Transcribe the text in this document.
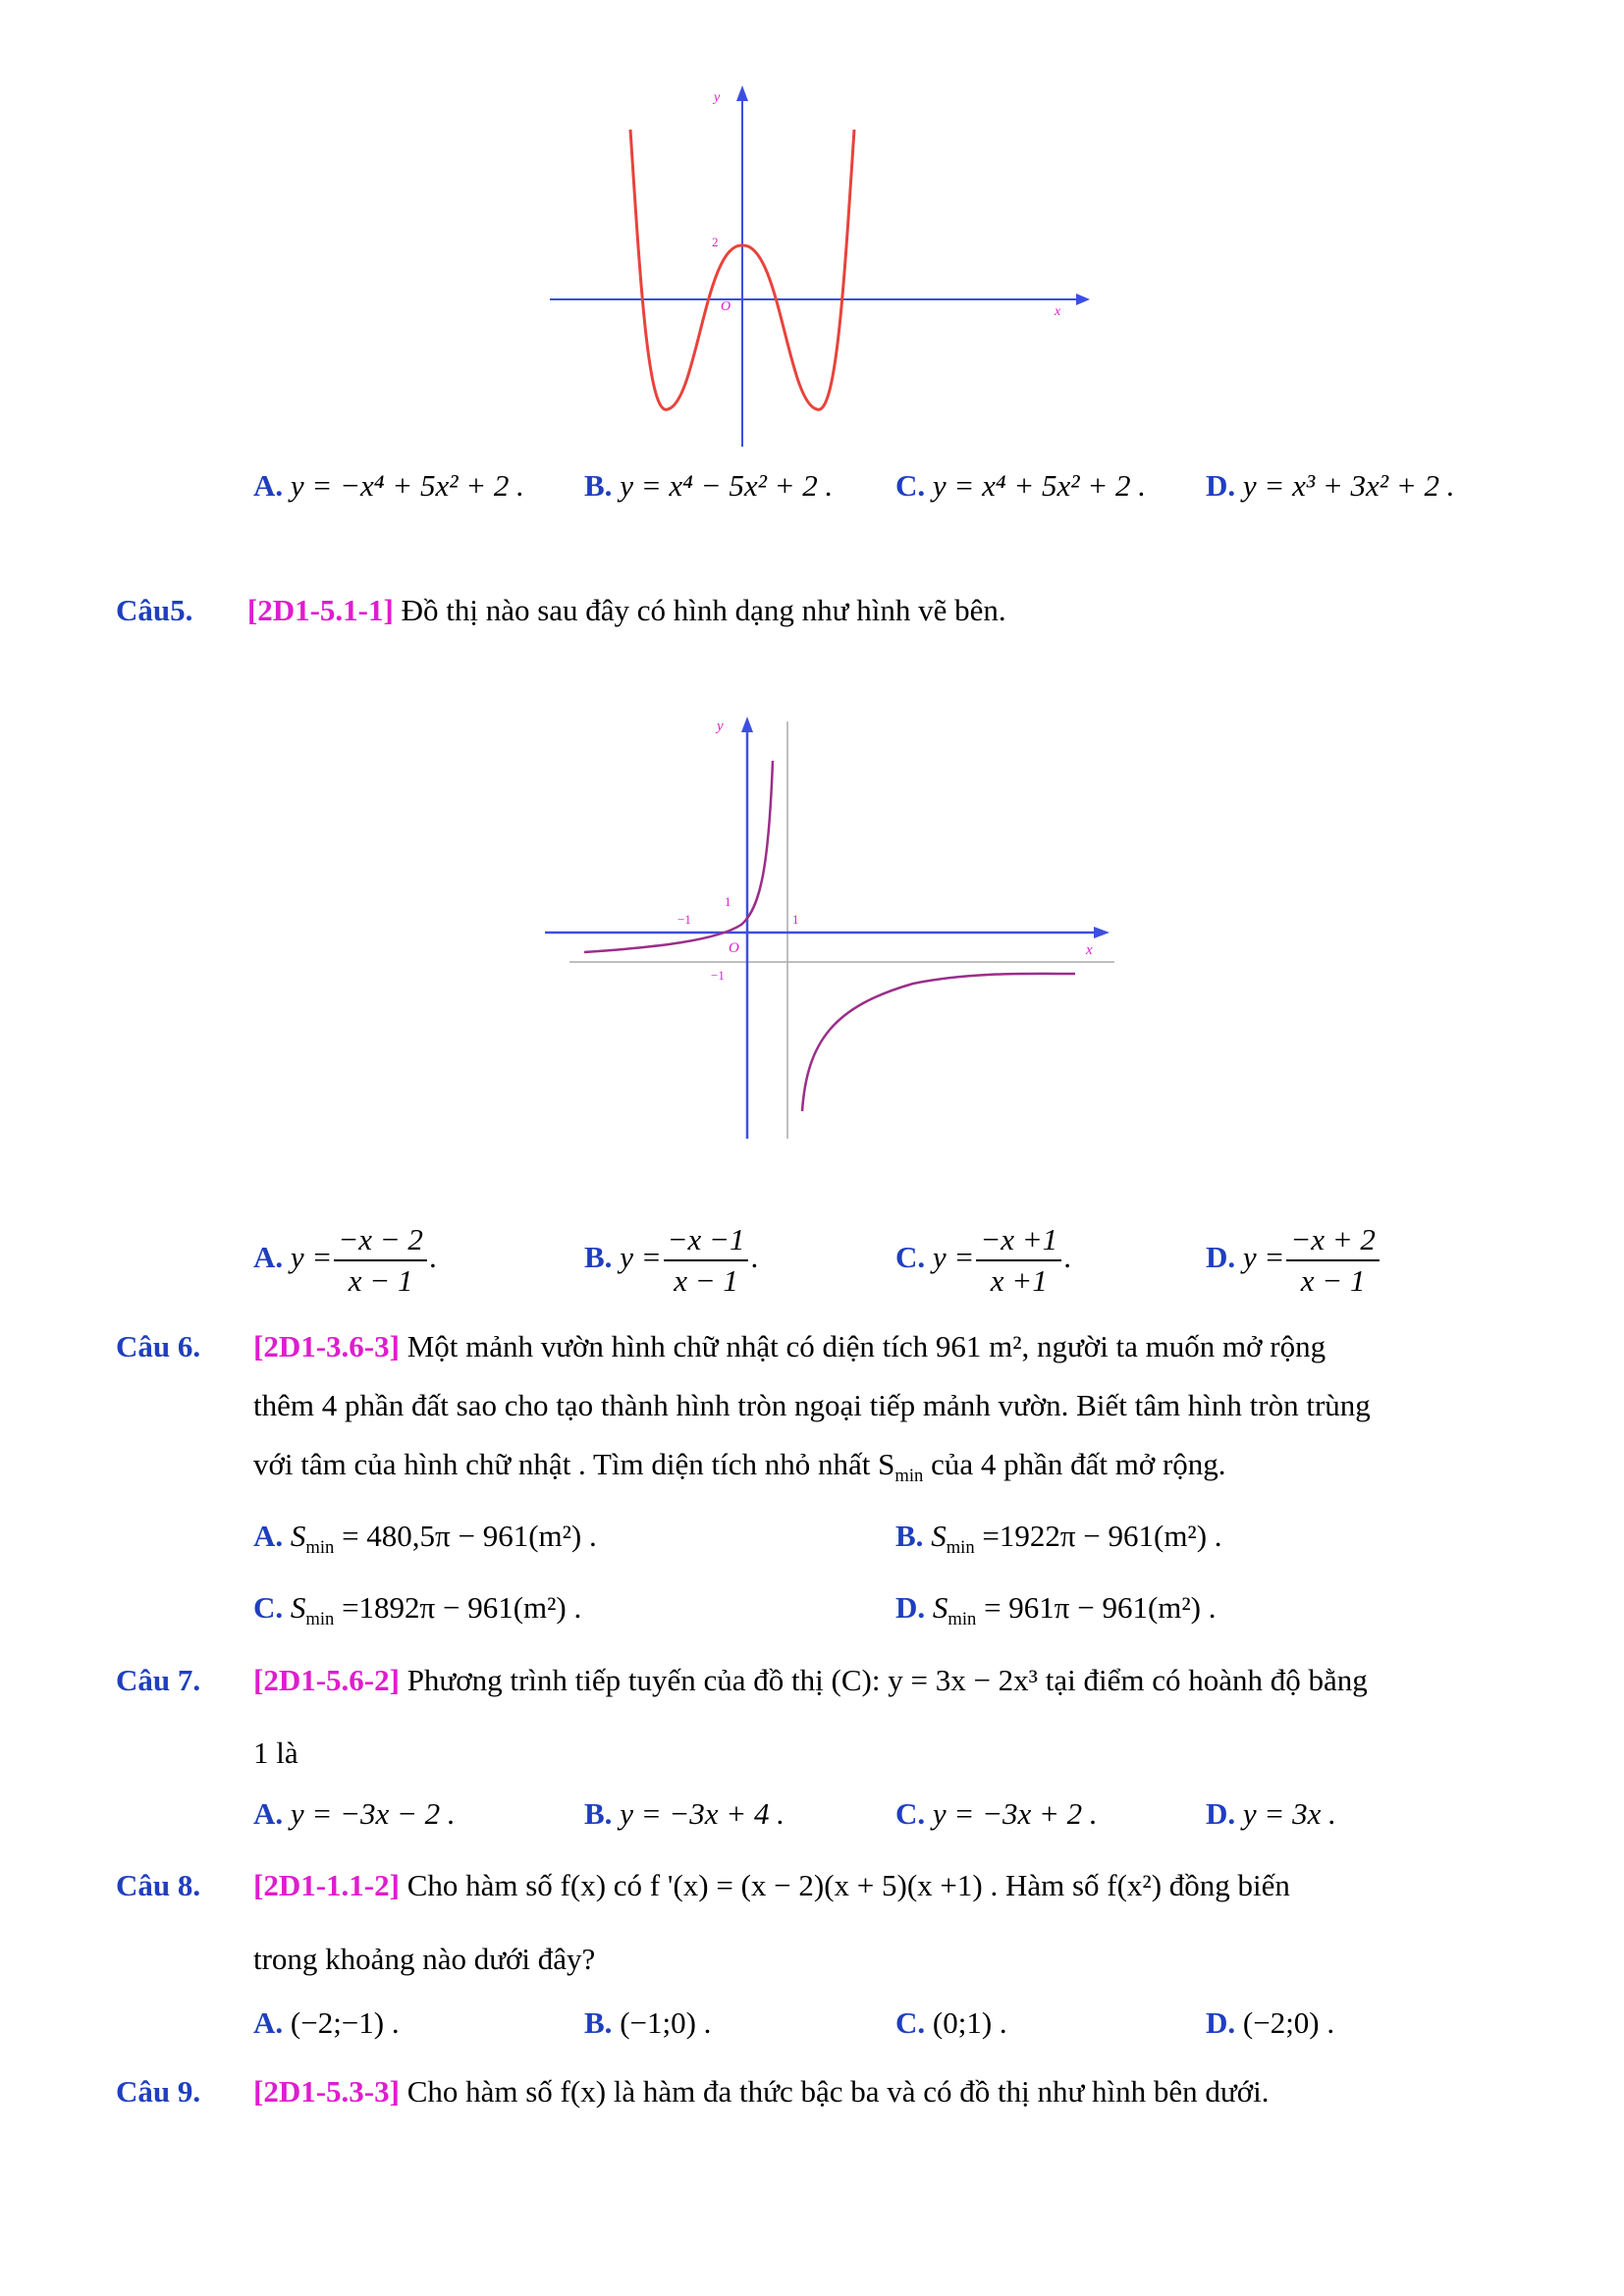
y
x
O
2
A. y = −x⁴ + 5x² + 2 . B. y = x⁴ − 5x² + 2 . C. y = x⁴ + 5x² + 2 . D. y = x³ + 3x² + 2 .
Câu5. [2D1-5.1-1] Đồ thị nào sau đây có hình dạng như hình vẽ bên.
y
x
O
1
−1	1
−1
A. $y = \frac{-x - 2}{x - 1}$ .	B. $y = \frac{-x -1}{x - 1}$ .	C. $y = \frac{-x +1}{x +1}$ .	D. $y = \frac{-x + 2}{x - 1}$
Câu 6. [2D1-3.6-3] Một mảnh vườn hình chữ nhật có diện tích 961 m², người ta muốn mở rộng
thêm 4 phần đất sao cho tạo thành hình tròn ngoại tiếp mảnh vườn. Biết tâm hình tròn trùng
với tâm của hình chữ nhật . Tìm diện tích nhỏ nhất $S_{min}$ của 4 phần đất mở rộng.
A. $S_{min} = 480,5\pi - 961(m^2)$ .	B. $S_{min} =1922\pi - 961(m^2)$ .
C. $S_{min} =1892\pi - 961(m^2)$ .	D. $S_{min} = 961\pi - 961(m^2)$ .
Câu 7. [2D1-5.6-2] Phương trình tiếp tuyến của đồ thị (C): y = 3x − 2x³ tại điểm có hoành độ bằng
1 là
A. y = −3x − 2 .	B. y = −3x + 4 .	C. y = −3x + 2 .	D. y = 3x .
Câu 8. [2D1-1.1-2] Cho hàm số f(x) có f '(x) = (x − 2)(x + 5)(x +1) . Hàm số f(x²) đồng biến
trong khoảng nào dưới đây?
A. (−2;−1) .	B. (−1;0) .	C. (0;1) .	D. (−2;0) .
Câu 9. [2D1-5.3-3] Cho hàm số f(x) là hàm đa thức bậc ba và có đồ thị như hình bên dưới.
